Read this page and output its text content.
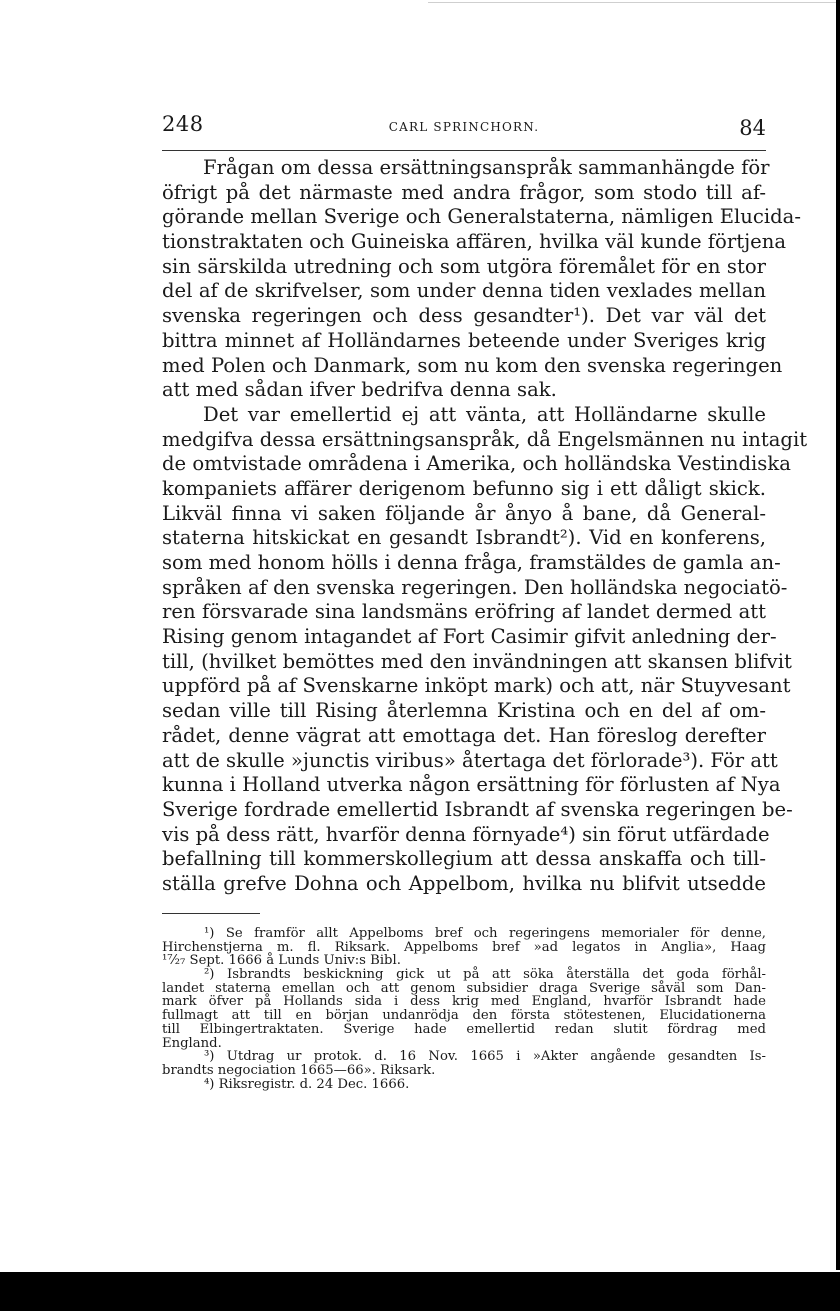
248	CARL SPRINCHORN.	84
Frågan om dessa ersättningsanspråk sammanhängde för
öfrigt på det närmaste med andra frågor, som stodo till af-
görande mellan Sverige och Generalstaterna, nämligen Elucida-
tionstraktaten och Guineiska affären, hvilka väl kunde förtjena
sin särskilda utredning och som utgöra föremålet för en stor
del af de skrifvelser, som under denna tiden vexlades mellan
svenska regeringen och dess gesandter¹). Det var väl det
bittra minnet af Holländarnes beteende under Sveriges krig
med Polen och Danmark, som nu kom den svenska regeringen
att med sådan ifver bedrifva denna sak.
Det var emellertid ej att vänta, att Holländarne skulle
medgifva dessa ersättningsanspråk, då Engelsmännen nu intagit
de omtvistade områdena i Amerika, och holländska Vestindiska
kompaniets affärer derigenom befunno sig i ett dåligt skick.
Likväl finna vi saken följande år ånyo å bane, då General-
staterna hitskickat en gesandt Isbrandt²). Vid en konferens,
som med honom hölls i denna fråga, framstäldes de gamla an-
språken af den svenska regeringen. Den holländska negociatö-
ren försvarade sina landsmäns eröfring af landet dermed att
Rising genom intagandet af Fort Casimir gifvit anledning der-
till, (hvilket bemöttes med den invändningen att skansen blifvit
uppförd på af Svenskarne inköpt mark) och att, när Stuyvesant
sedan ville till Rising återlemna Kristina och en del af om-
rådet, denne vägrat att emottaga det. Han föreslog derefter
att de skulle »junctis viribus» återtaga det förlorade³). För att
kunna i Holland utverka någon ersättning för förlusten af Nya
Sverige fordrade emellertid Isbrandt af svenska regeringen be-
vis på dess rätt, hvarför denna förnyade⁴) sin förut utfärdade
befallning till kommerskollegium att dessa anskaffa och till-
ställa grefve Dohna och Appelbom, hvilka nu blifvit utsedde
¹) Se framför allt Appelboms bref och regeringens memorialer för denne,
Hirchenstjerna m. fl. Riksark. Appelboms bref »ad legatos in Anglia», Haag
¹⁷⁄₂₇ Sept. 1666 å Lunds Univ:s Bibl.
²) Isbrandts beskickning gick ut på att söka återställa det goda förhål-
landet staterna emellan och att genom subsidier draga Sverige såväl som Dan-
mark öfver på Hollands sida i dess krig med England, hvarför Isbrandt hade
fullmagt att till en början undanrödja den första stötestenen, Elucidationerna
till Elbingertraktaten. Sverige hade emellertid redan slutit fördrag med
England.
³) Utdrag ur protok. d. 16 Nov. 1665 i »Akter angående gesandten Is-
brandts negociation 1665—66». Riksark.
⁴) Riksregistr. d. 24 Dec. 1666.
